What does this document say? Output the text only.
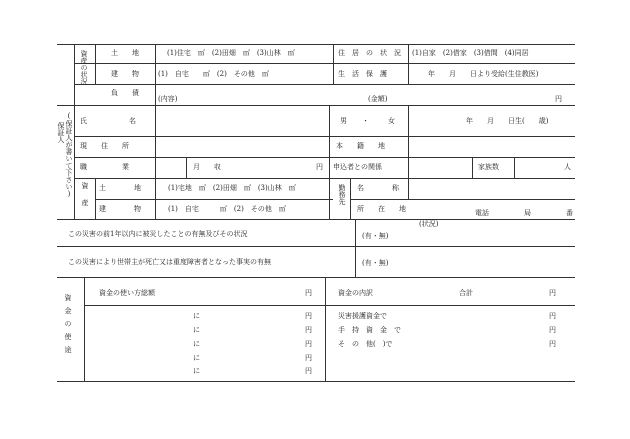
資産の状況	土　　地	(1)住宅　㎡　(2)田畑　㎡　(3)山林　㎡	住　居　の　状　況 (1)自家　(2)借家　(3)借間　(4)同居
建　　物	(1)　自宅　　㎡　(2)　その他　㎡	生　活　保　護	年　　月　　日より受給(生住教医)
負　　債
(内容)	(金額)	円
保証人 (保証人が書いて下さい) 氏　　　　　　名	男 ・	女	年　　月　　日生(　　歳)
現　　住　　所	本　　籍　　地
職　　　　　業	月　　収	円 申込者との関係	家族数	人
資産 土　　　　地	(1)宅地　㎡　(2)田畑　㎡　(3)山林　㎡	勤務先 名　　　　称
建　　　　物	(1)　自宅　　　㎡　(2)　その他　㎡	所　　在　　地	電話　　　　　局　　　　　番
この災害の前1年以内に被災したことの有無及びその状況
(状況)
(有・無)
この災害により世帯主が死亡又は重度障害者となった事実の有無	(有・無)
資金の使途
資金の使い方総額	円
に	円
に	円
に	円
に	円
に	円
資金の内訳	合計	円
災害援護資金で	円
手　持　資　金　で	円
そ　の　他(　)で	円
